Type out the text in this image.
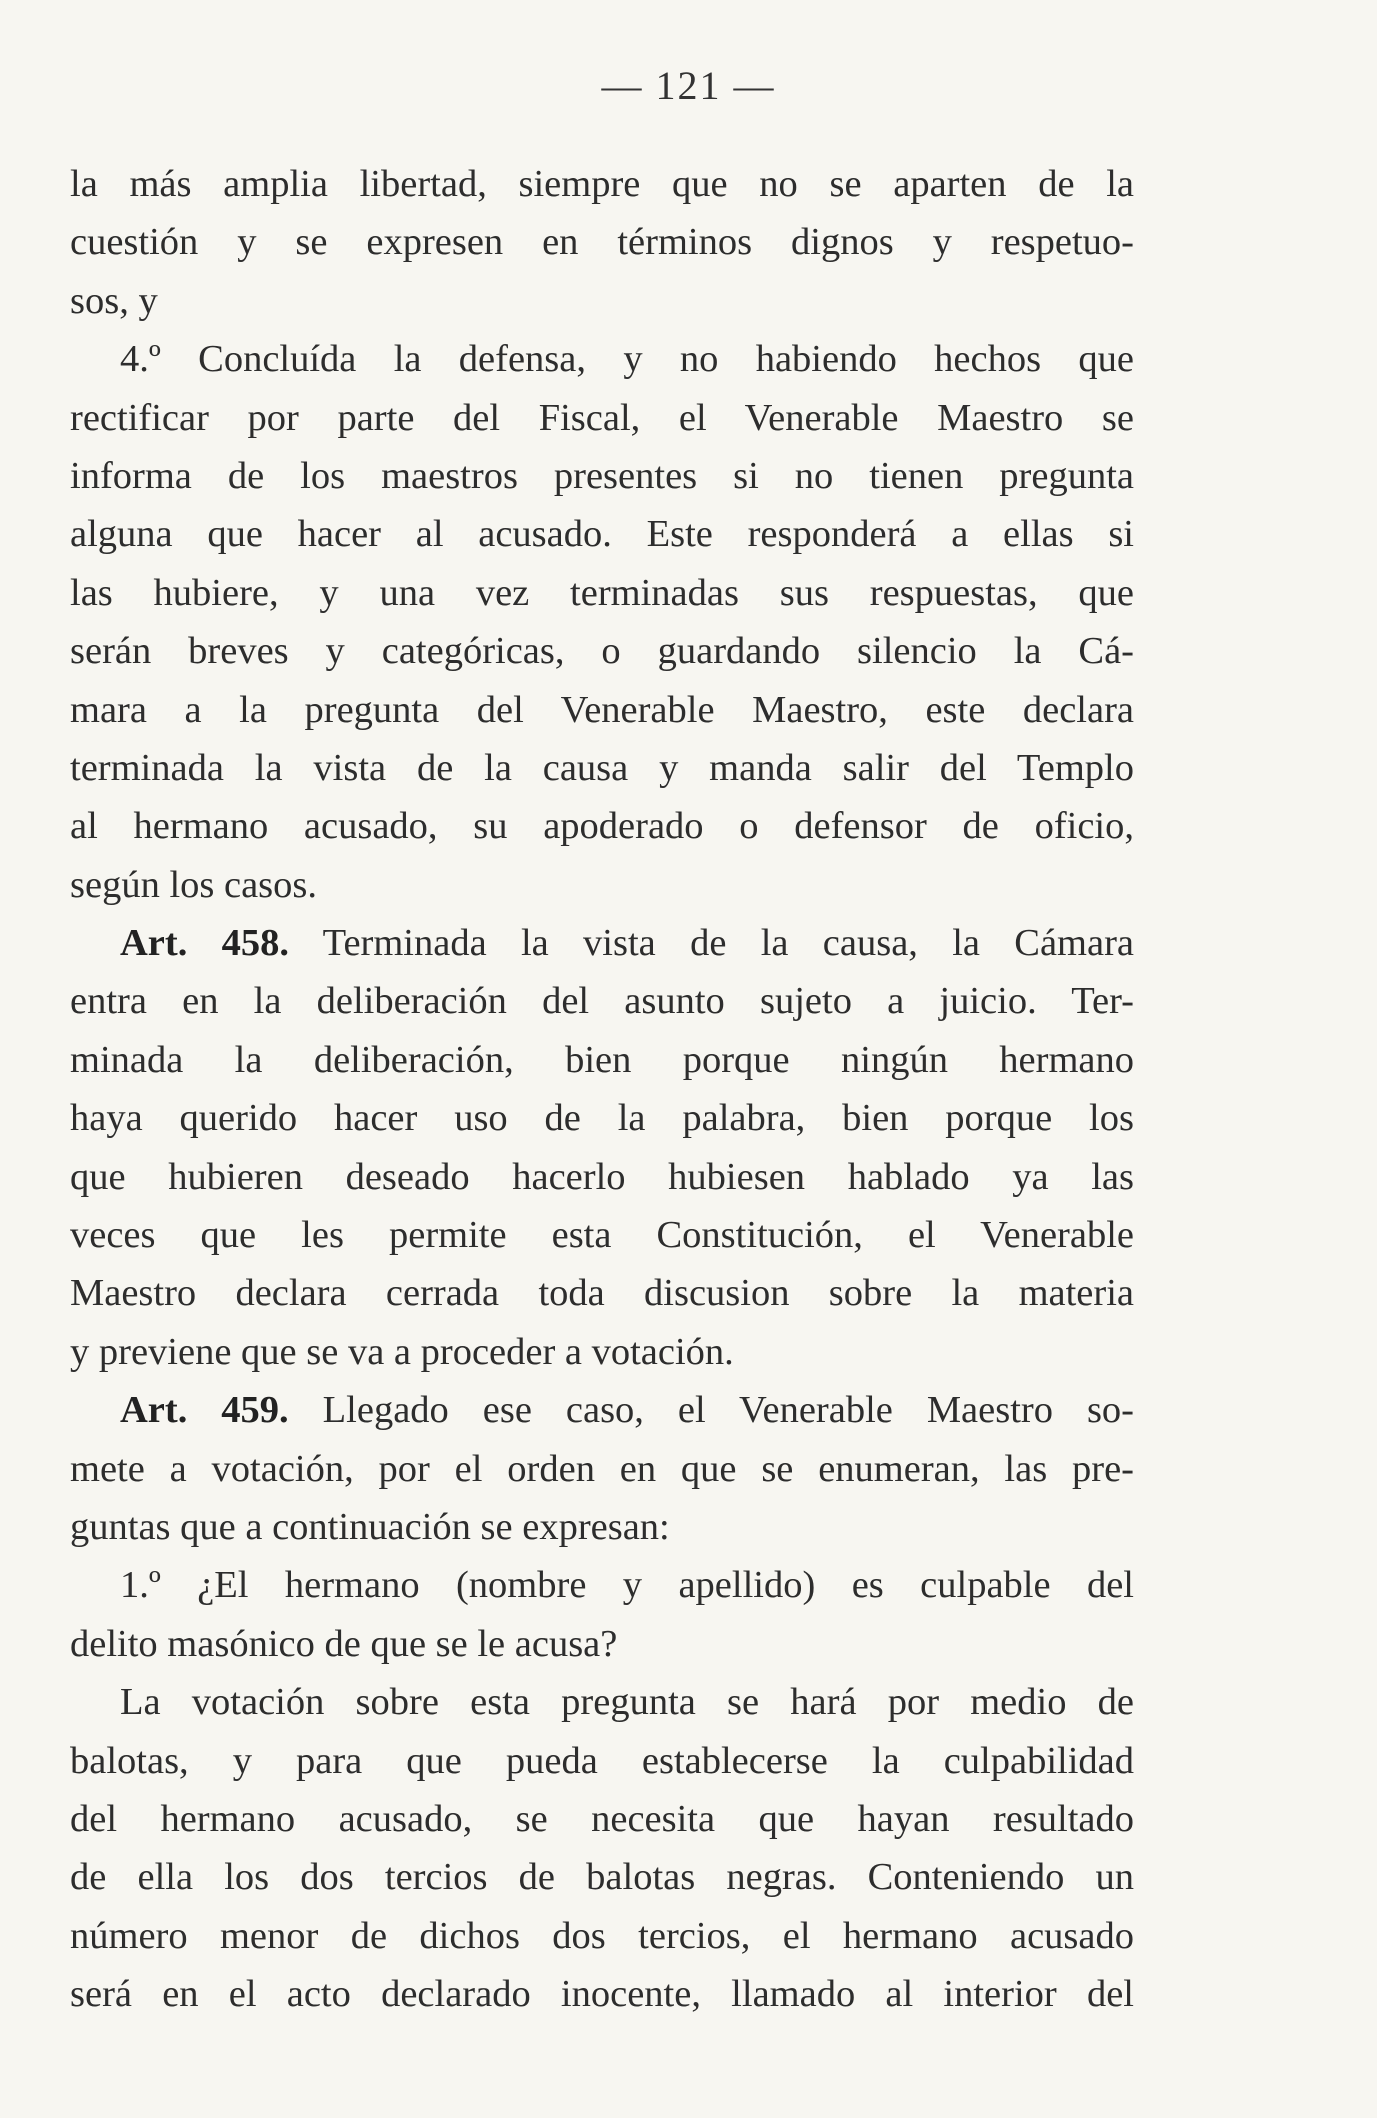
— 121 —
la más amplia libertad, siempre que no se aparten de la
cuestión y se expresen en términos dignos y respetuo-
sos, y
4.º Concluída la defensa, y no habiendo hechos que
rectificar por parte del Fiscal, el Venerable Maestro se
informa de los maestros presentes si no tienen pregunta
alguna que hacer al acusado. Este responderá a ellas si
las hubiere, y una vez terminadas sus respuestas, que
serán breves y categóricas, o guardando silencio la Cá-
mara a la pregunta del Venerable Maestro, este declara
terminada la vista de la causa y manda salir del Templo
al hermano acusado, su apoderado o defensor de oficio,
según los casos.
Art. 458. Terminada la vista de la causa, la Cámara
entra en la deliberación del asunto sujeto a juicio. Ter-
minada la deliberación, bien porque ningún hermano
haya querido hacer uso de la palabra, bien porque los
que hubieren deseado hacerlo hubiesen hablado ya las
veces que les permite esta Constitución, el Venerable
Maestro declara cerrada toda discusion sobre la materia
y previene que se va a proceder a votación.
Art. 459. Llegado ese caso, el Venerable Maestro so-
mete a votación, por el orden en que se enumeran, las pre-
guntas que a continuación se expresan:
1.º ¿El hermano (nombre y apellido) es culpable del
delito masónico de que se le acusa?
La votación sobre esta pregunta se hará por medio de
balotas, y para que pueda establecerse la culpabilidad
del hermano acusado, se necesita que hayan resultado
de ella los dos tercios de balotas negras. Conteniendo un
número menor de dichos dos tercios, el hermano acusado
será en el acto declarado inocente, llamado al interior del
